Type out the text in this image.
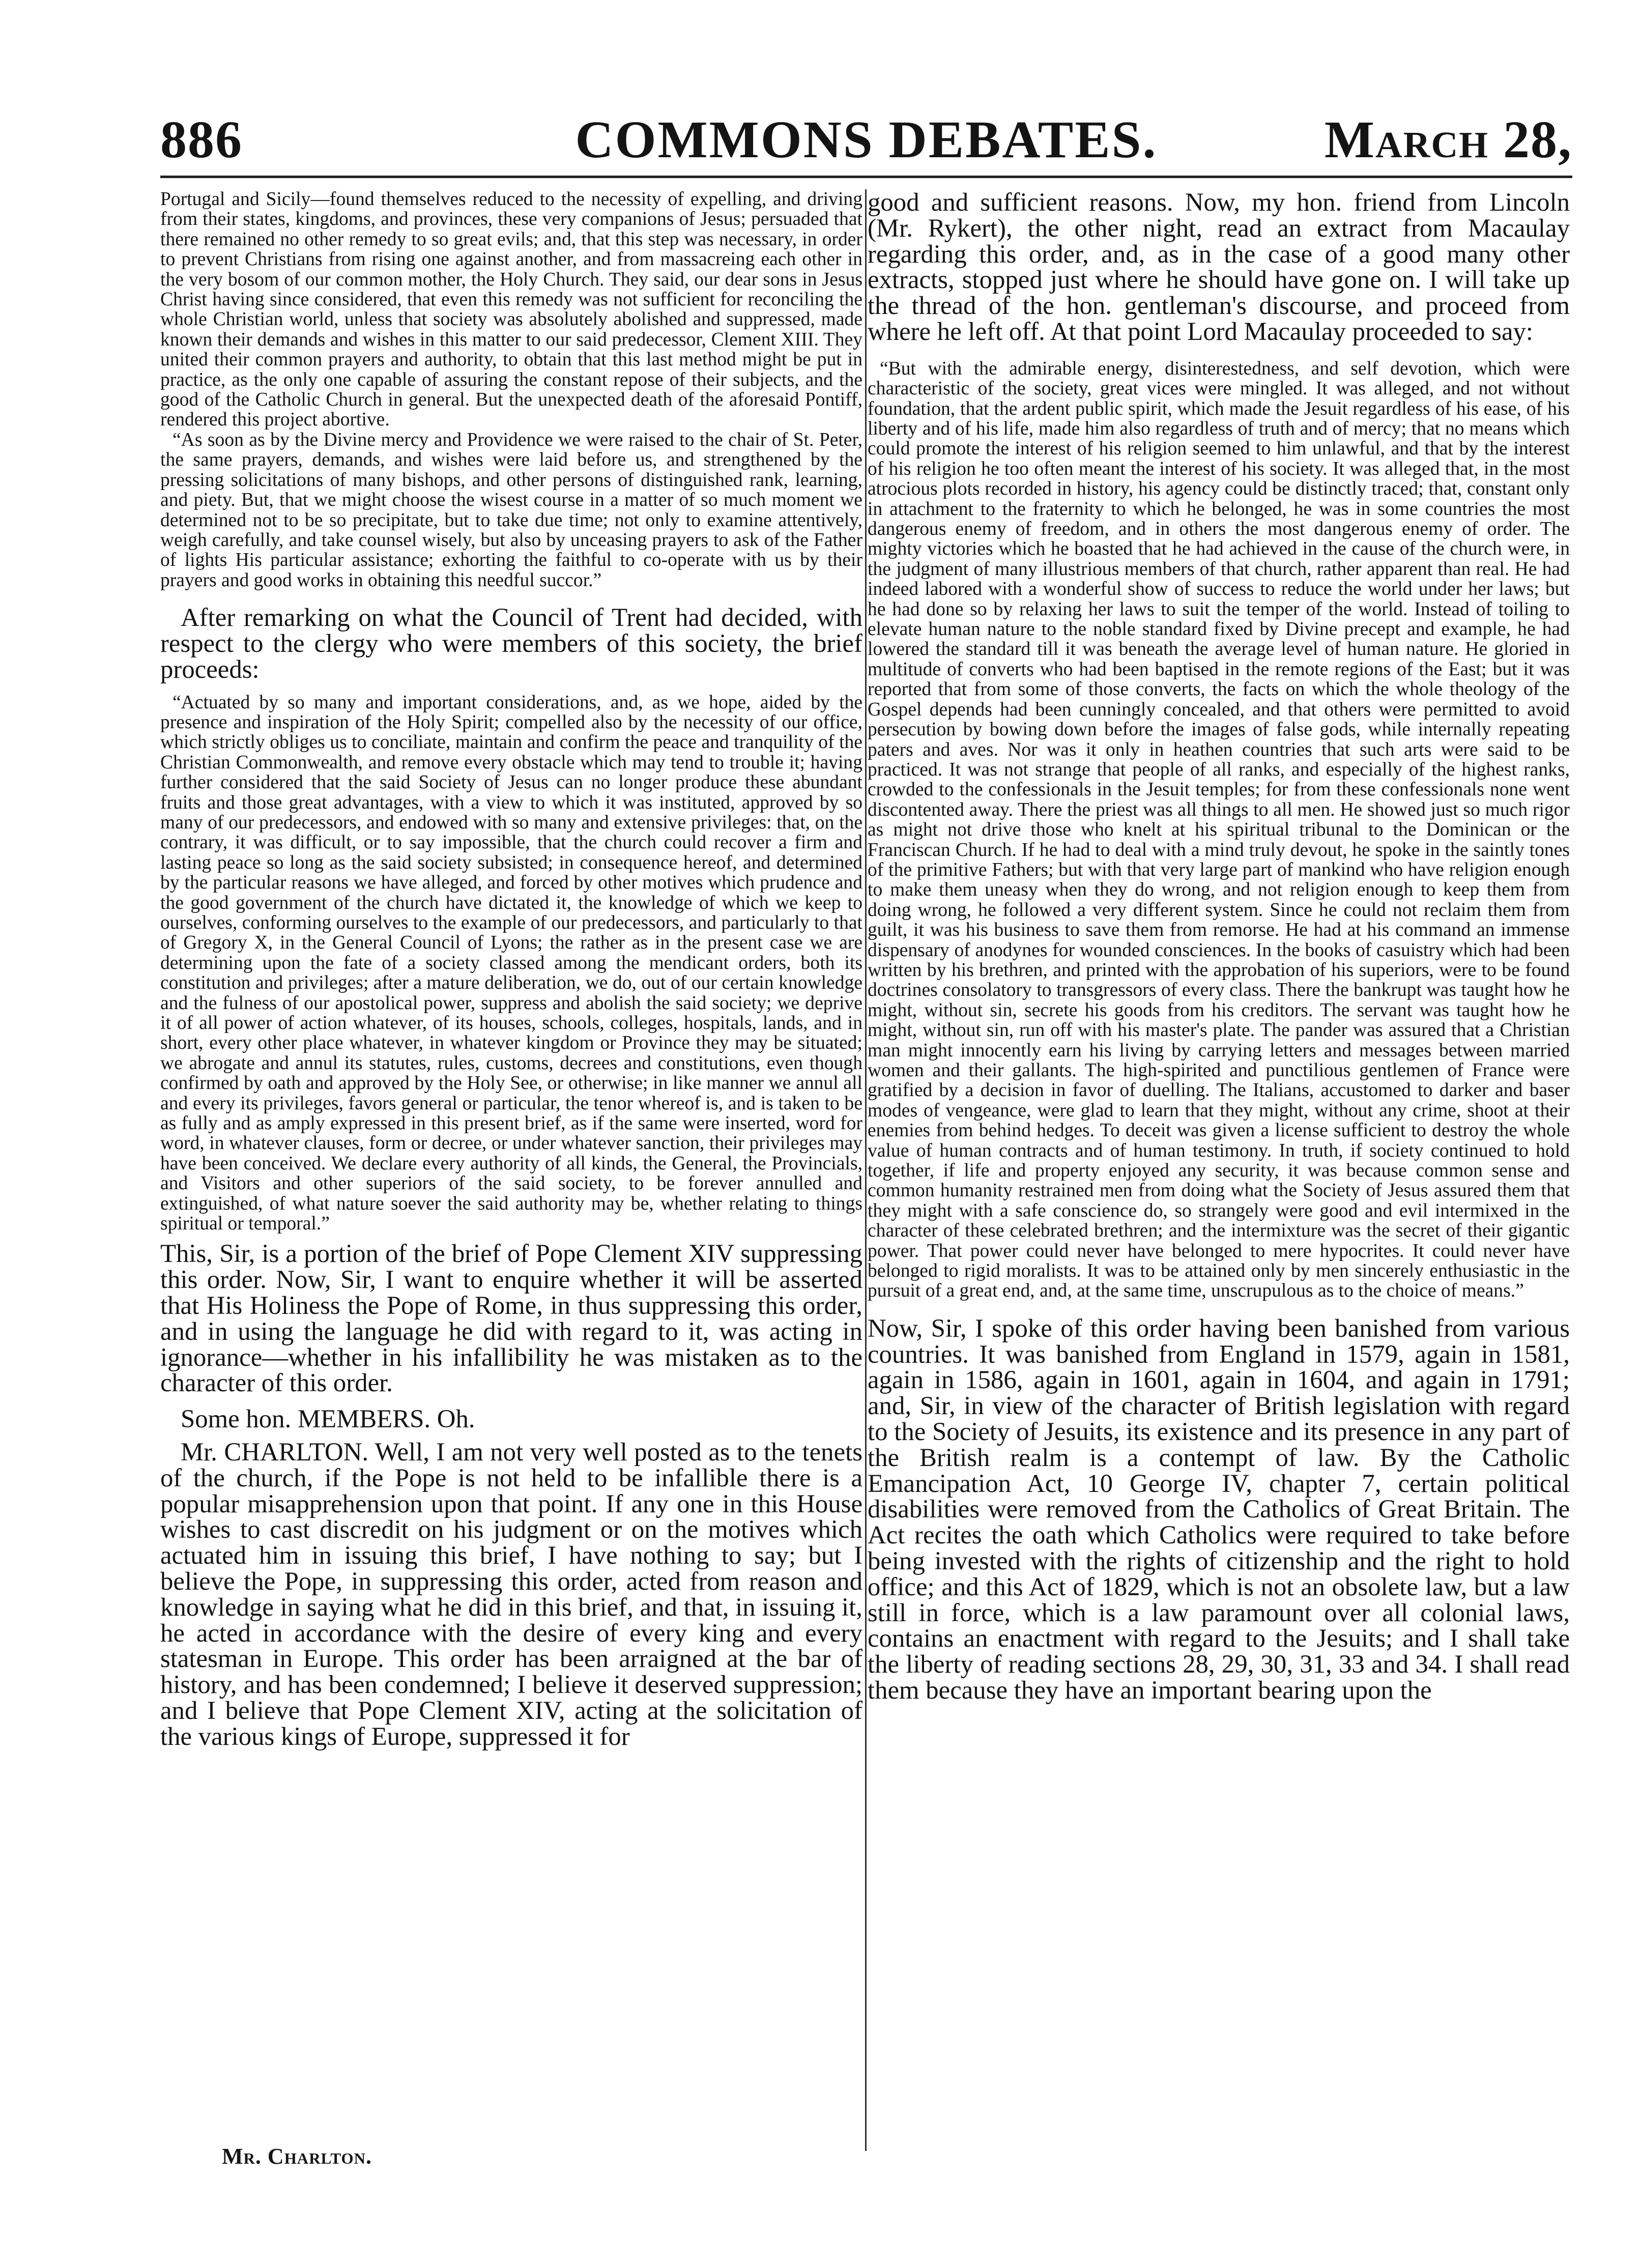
COMMONS DEBATES.
886	March 28,

Portugal and Sicily—found themselves reduced to the necessity of expelling, and driving from their states, kingdoms, and provinces, these very companions of Jesus; persuaded that there remained no other remedy to so great evils; and, that this step was necessary, in order to prevent Christians from rising one against another, and from massacreing each other in the very bosom of our common mother, the Holy Church. They said, our dear sons in Jesus Christ having since considered, that even this remedy was not sufficient for reconciling the whole Christian world, unless that society was absolutely abolished and suppressed, made known their demands and wishes in this matter to our said predecessor, Clement XIII. They united their common prayers and authority, to obtain that this last method might be put in practice, as the only one capable of assuring the constant repose of their subjects, and the good of the Catholic Church in general. But the unexpected death of the aforesaid Pontiff, rendered this project abortive.

“As soon as by the Divine mercy and Providence we were raised to the chair of St. Peter, the same prayers, demands, and wishes were laid before us, and strengthened by the pressing solicitations of many bishops, and other persons of distinguished rank, learning, and piety. But, that we might choose the wisest course in a matter of so much moment we determined not to be so precipitate, but to take due time; not only to examine attentively, weigh carefully, and take counsel wisely, but also by unceasing prayers to ask of the Father of lights His particular assistance; exhorting the faithful to co-operate with us by their prayers and good works in obtaining this needful succor.”

After remarking on what the Council of Trent had decided, with respect to the clergy who were members of this society, the brief proceeds:

“Actuated by so many and important considerations, and, as we hope, aided by the presence and inspiration of the Holy Spirit; compelled also by the necessity of our office, which strictly obliges us to conciliate, maintain and confirm the peace and tranquility of the Christian Commonwealth, and remove every obstacle which may tend to trouble it; having further considered that the said Society of Jesus can no longer produce these abundant fruits and those great advantages, with a view to which it was instituted, approved by so many of our predecessors, and endowed with so many and extensive privileges: that, on the contrary, it was difficult, or to say impossible, that the church could recover a firm and lasting peace so long as the said society subsisted; in consequence hereof, and determined by the particular reasons we have alleged, and forced by other motives which prudence and the good government of the church have dictated it, the knowledge of which we keep to ourselves, conforming ourselves to the example of our predecessors, and particularly to that of Gregory X, in the General Council of Lyons; the rather as in the present case we are determining upon the fate of a society classed among the mendicant orders, both its constitution and privileges; after a mature deliberation, we do, out of our certain knowledge and the fulness of our apostolical power, suppress and abolish the said society; we deprive it of all power of action whatever, of its houses, schools, colleges, hospitals, lands, and in short, every other place whatever, in whatever kingdom or Province they may be situated; we abrogate and annul its statutes, rules, customs, decrees and constitutions, even though confirmed by oath and approved by the Holy See, or otherwise; in like manner we annul all and every its privileges, favors general or particular, the tenor whereof is, and is taken to be as fully and as amply expressed in this present brief, as if the same were inserted, word for word, in whatever clauses, form or decree, or under whatever sanction, their privileges may have been conceived. We declare every authority of all kinds, the General, the Provincials, and Visitors and other superiors of the said society, to be forever annulled and extinguished, of what nature soever the said authority may be, whether relating to things spiritual or temporal.”

This, Sir, is a portion of the brief of Pope Clement XIV suppressing this order. Now, Sir, I want to enquire whether it will be asserted that His Holiness the Pope of Rome, in thus suppressing this order, and in using the language he did with regard to it, was acting in ignorance—whether in his infallibility he was mistaken as to the character of this order.

Some hon. MEMBERS. Oh.

Mr. CHARLTON. Well, I am not very well posted as to the tenets of the church, if the Pope is not held to be infallible there is a popular misapprehension upon that point. If any one in this House wishes to cast discredit on his judgment or on the motives which actuated him in issuing this brief, I have nothing to say; but I believe the Pope, in suppressing this order, acted from reason and knowledge in saying what he did in this brief, and that, in issuing it, he acted in accordance with the desire of every king and every statesman in Europe. This order has been arraigned at the bar of history, and has been condemned; I believe it deserved suppression; and I believe that Pope Clement XIV, acting at the solicitation of the various kings of Europe, suppressed it for

good and sufficient reasons. Now, my hon. friend from Lincoln (Mr. Rykert), the other night, read an extract from Macaulay regarding this order, and, as in the case of a good many other extracts, stopped just where he should have gone on. I will take up the thread of the hon. gentleman's discourse, and proceed from where he left off. At that point Lord Macaulay proceeded to say:

“But with the admirable energy, disinterestedness, and self devotion, which were characteristic of the society, great vices were mingled. It was alleged, and not without foundation, that the ardent public spirit, which made the Jesuit regardless of his ease, of his liberty and of his life, made him also regardless of truth and of mercy; that no means which could promote the interest of his religion seemed to him unlawful, and that by the interest of his religion he too often meant the interest of his society. It was alleged that, in the most atrocious plots recorded in history, his agency could be distinctly traced; that, constant only in attachment to the fraternity to which he belonged, he was in some countries the most dangerous enemy of freedom, and in others the most dangerous enemy of order. The mighty victories which he boasted that he had achieved in the cause of the church were, in the judgment of many illustrious members of that church, rather apparent than real. He had indeed labored with a wonderful show of success to reduce the world under her laws; but he had done so by relaxing her laws to suit the temper of the world. Instead of toiling to elevate human nature to the noble standard fixed by Divine precept and example, he had lowered the standard till it was beneath the average level of human nature. He gloried in multitude of converts who had been baptised in the remote regions of the East; but it was reported that from some of those converts, the facts on which the whole theology of the Gospel depends had been cunningly concealed, and that others were permitted to avoid persecution by bowing down before the images of false gods, while internally repeating paters and aves. Nor was it only in heathen countries that such arts were said to be practiced. It was not strange that people of all ranks, and especially of the highest ranks, crowded to the confessionals in the Jesuit temples; for from these confessionals none went discontented away. There the priest was all things to all men. He showed just so much rigor as might not drive those who knelt at his spiritual tribunal to the Dominican or the Franciscan Church. If he had to deal with a mind truly devout, he spoke in the saintly tones of the primitive Fathers; but with that very large part of mankind who have religion enough to make them uneasy when they do wrong, and not religion enough to keep them from doing wrong, he followed a very different system. Since he could not reclaim them from guilt, it was his business to save them from remorse. He had at his command an immense dispensary of anodynes for wounded consciences. In the books of casuistry which had been written by his brethren, and printed with the approbation of his superiors, were to be found doctrines consolatory to transgressors of every class. There the bankrupt was taught how he might, without sin, secrete his goods from his creditors. The servant was taught how he might, without sin, run off with his master's plate. The pander was assured that a Christian man might innocently earn his living by carrying letters and messages between married women and their gallants. The high-spirited and punctilious gentlemen of France were gratified by a decision in favor of duelling. The Italians, accustomed to darker and baser modes of vengeance, were glad to learn that they might, without any crime, shoot at their enemies from behind hedges. To deceit was given a license sufficient to destroy the whole value of human contracts and of human testimony. In truth, if society continued to hold together, if life and property enjoyed any security, it was because common sense and common humanity restrained men from doing what the Society of Jesus assured them that they might with a safe conscience do, so strangely were good and evil intermixed in the character of these celebrated brethren; and the intermixture was the secret of their gigantic power. That power could never have belonged to mere hypocrites. It could never have belonged to rigid moralists. It was to be attained only by men sincerely enthusiastic in the pursuit of a great end, and, at the same time, unscrupulous as to the choice of means.”

Now, Sir, I spoke of this order having been banished from various countries. It was banished from England in 1579, again in 1581, again in 1586, again in 1601, again in 1604, and again in 1791; and, Sir, in view of the character of British legislation with regard to the Society of Jesuits, its existence and its presence in any part of the British realm is a contempt of law. By the Catholic Emancipation Act, 10 George IV, chapter 7, certain political disabilities were removed from the Catholics of Great Britain. The Act recites the oath which Catholics were required to take before being invested with the rights of citizenship and the right to hold office; and this Act of 1829, which is not an obsolete law, but a law still in force, which is a law paramount over all colonial laws, contains an enactment with regard to the Jesuits; and I shall take the liberty of reading sections 28, 29, 30, 31, 33 and 34. I shall read them because they have an important bearing upon the

Mr. Charlton.
